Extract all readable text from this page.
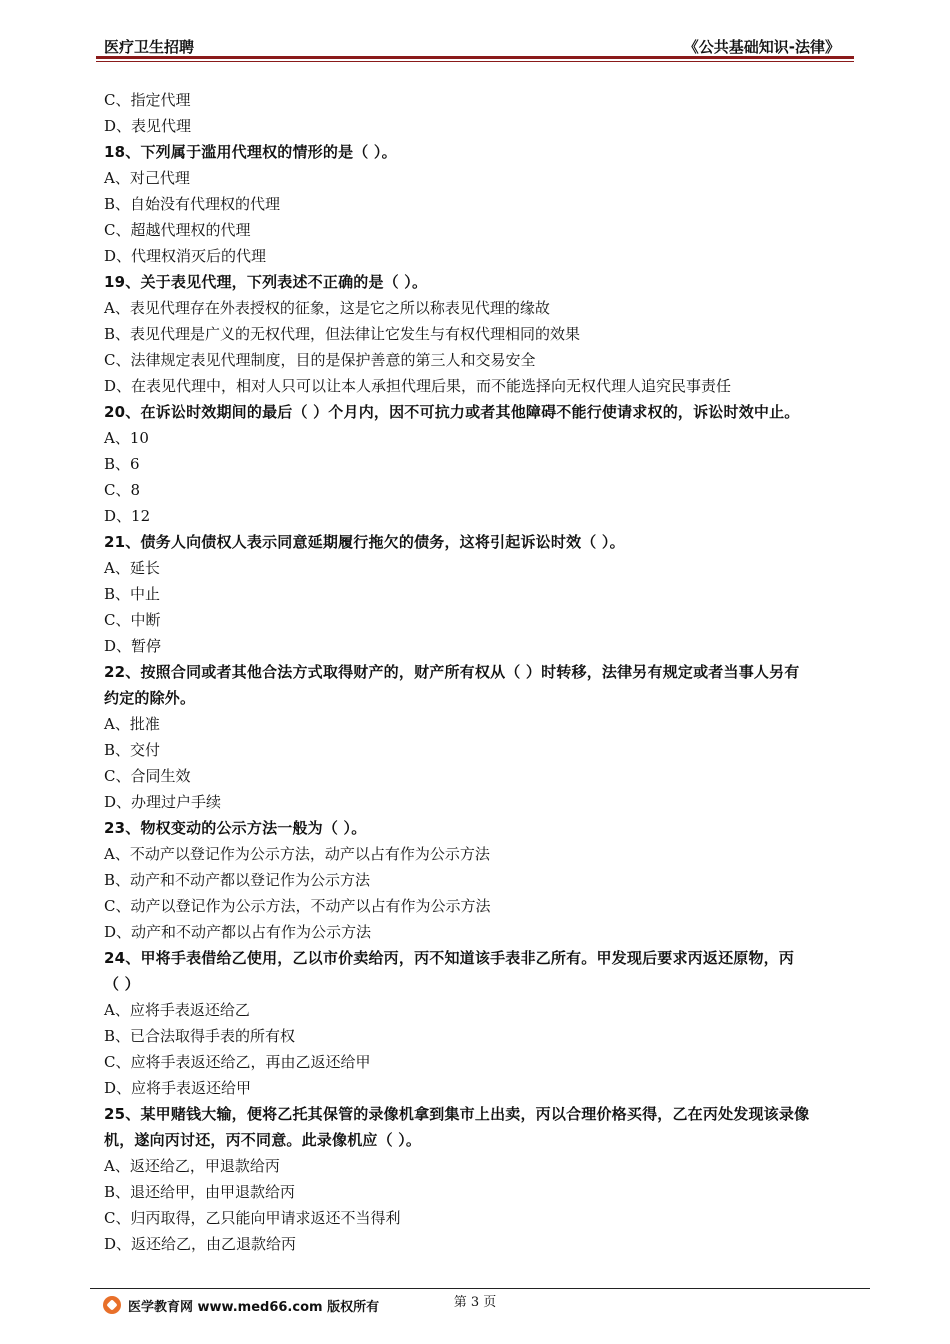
医疗卫生招聘	《公共基础知识-法律》
C、指定代理
D、表见代理
18、下列属于滥用代理权的情形的是（ ）。
A、对己代理
B、自始没有代理权的代理
C、超越代理权的代理
D、代理权消灭后的代理
19、关于表见代理，下列表述不正确的是（ ）。
A、表见代理存在外表授权的征象，这是它之所以称表见代理的缘故
B、表见代理是广义的无权代理，但法律让它发生与有权代理相同的效果
C、法律规定表见代理制度，目的是保护善意的第三人和交易安全
D、在表见代理中，相对人只可以让本人承担代理后果，而不能选择向无权代理人追究民事责任
20、在诉讼时效期间的最后（ ）个月内，因不可抗力或者其他障碍不能行使请求权的，诉讼时效中止。
A、10
B、6
C、8
D、12
21、债务人向债权人表示同意延期履行拖欠的债务，这将引起诉讼时效（ ）。
A、延长
B、中止
C、中断
D、暂停
22、按照合同或者其他合法方式取得财产的，财产所有权从（ ）时转移，法律另有规定或者当事人另有
约定的除外。
A、批准
B、交付
C、合同生效
D、办理过户手续
23、物权变动的公示方法一般为（ ）。
A、不动产以登记作为公示方法，动产以占有作为公示方法
B、动产和不动产都以登记作为公示方法
C、动产以登记作为公示方法，不动产以占有作为公示方法
D、动产和不动产都以占有作为公示方法
24、甲将手表借给乙使用，乙以市价卖给丙，丙不知道该手表非乙所有。甲发现后要求丙返还原物，丙
（ ）
A、应将手表返还给乙
B、已合法取得手表的所有权
C、应将手表返还给乙，再由乙返还给甲
D、应将手表返还给甲
25、某甲赌钱大输，便将乙托其保管的录像机拿到集市上出卖，丙以合理价格买得，乙在丙处发现该录像
机，遂向丙讨还，丙不同意。此录像机应（ ）。
A、返还给乙，甲退款给丙
B、退还给甲，由甲退款给丙
C、归丙取得，乙只能向甲请求返还不当得利
D、返还给乙，由乙退款给丙
第 3 页
医学教育网 www.med66.com 版权所有
